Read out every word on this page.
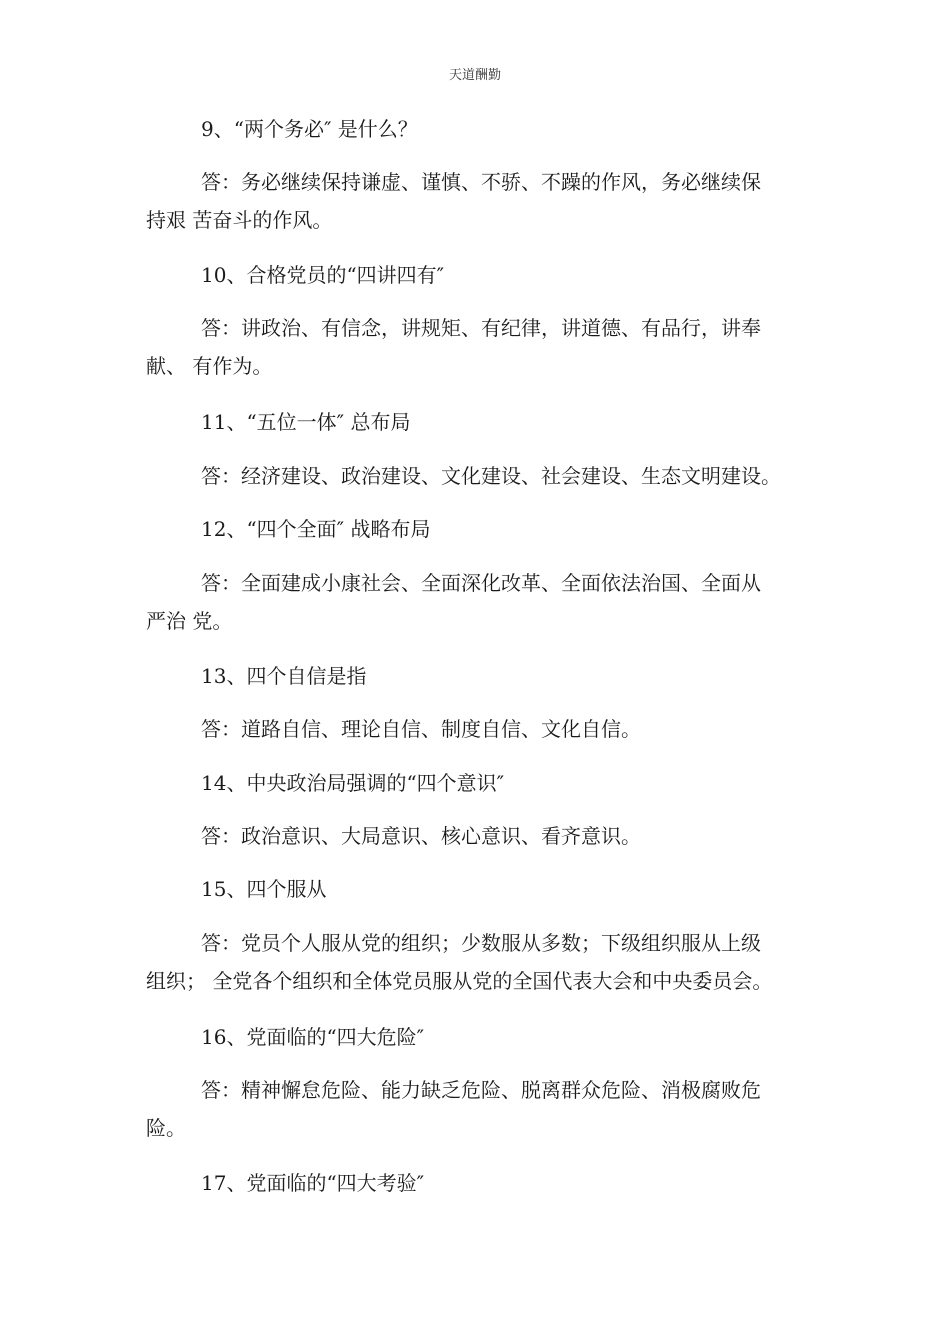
天道酬勤
9、“两个务必″ 是什么？
答：务必继续保持谦虚、谨慎、不骄、不躁的作风，务必继续保
持艰 苦奋斗的作风。
10、合格党员的“四讲四有″
答：讲政治、有信念，讲规矩、有纪律，讲道德、有品行，讲奉
献、 有作为。
11、“五位一体″ 总布局
答：经济建设、政治建设、文化建设、社会建设、生态文明建设。
12、“四个全面″ 战略布局
答：全面建成小康社会、全面深化改革、全面依法治国、全面从
严治 党。
13、四个自信是指
答：道路自信、理论自信、制度自信、文化自信。
14、中央政治局强调的“四个意识″
答：政治意识、大局意识、核心意识、看齐意识。
15、四个服从
答：党员个人服从党的组织；少数服从多数；下级组织服从上级
组织； 全党各个组织和全体党员服从党的全国代表大会和中央委员会。
16、党面临的“四大危险″
答：精神懈怠危险、能力缺乏危险、脱离群众危险、消极腐败危
险。
17、党面临的“四大考验″
